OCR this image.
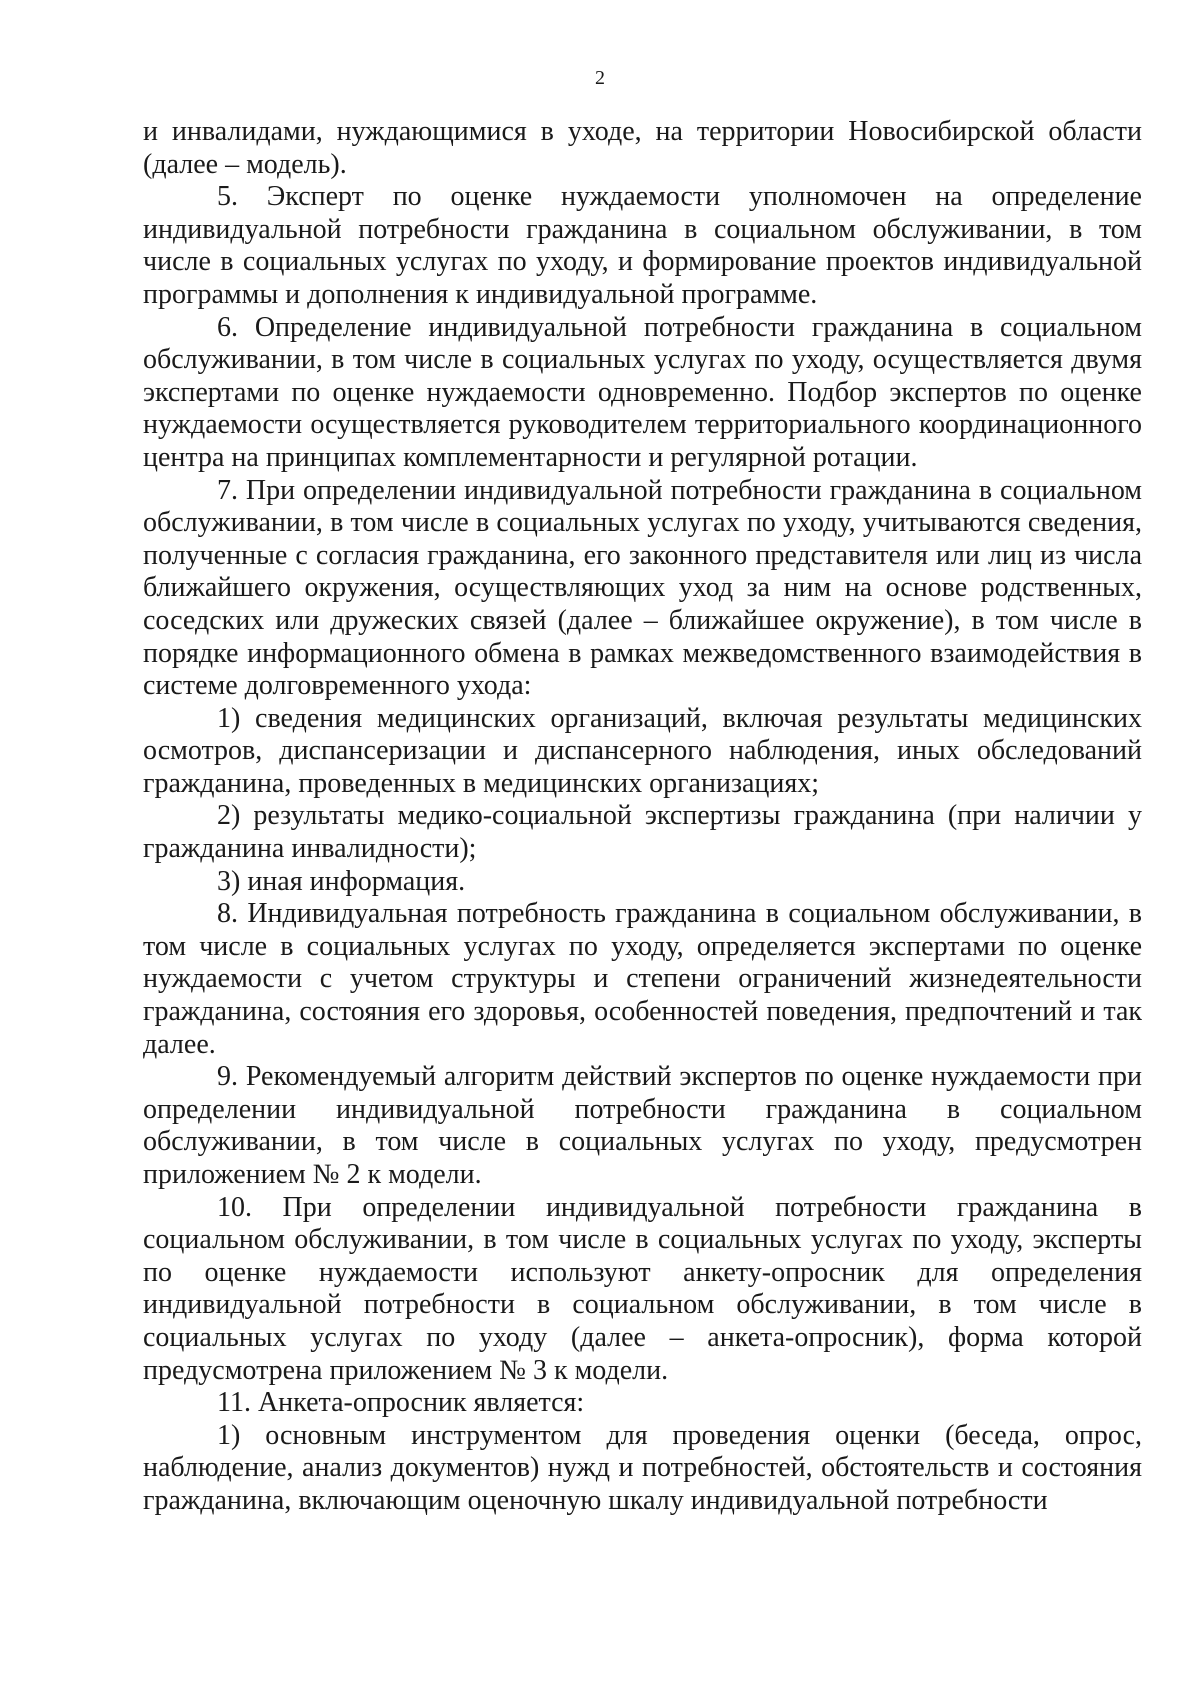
2

и инвалидами, нуждающимися в уходе, на территории Новосибирской области (далее – модель).

5. Эксперт по оценке нуждаемости уполномочен на определение индивидуальной потребности гражданина в социальном обслуживании, в том числе в социальных услугах по уходу, и формирование проектов индивидуальной программы и дополнения к индивидуальной программе.

6. Определение индивидуальной потребности гражданина в социальном обслуживании, в том числе в социальных услугах по уходу, осуществляется двумя экспертами по оценке нуждаемости одновременно. Подбор экспертов по оценке нуждаемости осуществляется руководителем территориального координационного центра на принципах комплементарности и регулярной ротации.

7. При определении индивидуальной потребности гражданина в социальном обслуживании, в том числе в социальных услугах по уходу, учитываются сведения, полученные с согласия гражданина, его законного представителя или лиц из числа ближайшего окружения, осуществляющих уход за ним на основе родственных, соседских или дружеских связей (далее – ближайшее окружение), в том числе в порядке информационного обмена в рамках межведомственного взаимодействия в системе долговременного ухода:

1) сведения медицинских организаций, включая результаты медицинских осмотров, диспансеризации и диспансерного наблюдения, иных обследований гражданина, проведенных в медицинских организациях;

2) результаты медико-социальной экспертизы гражданина (при наличии у гражданина инвалидности);

3) иная информация.

8. Индивидуальная потребность гражданина в социальном обслуживании, в том числе в социальных услугах по уходу, определяется экспертами по оценке нуждаемости с учетом структуры и степени ограничений жизнедеятельности гражданина, состояния его здоровья, особенностей поведения, предпочтений и так далее.

9. Рекомендуемый алгоритм действий экспертов по оценке нуждаемости при определении индивидуальной потребности гражданина в социальном обслуживании, в том числе в социальных услугах по уходу, предусмотрен приложением № 2 к модели.

10. При определении индивидуальной потребности гражданина в социальном обслуживании, в том числе в социальных услугах по уходу, эксперты по оценке нуждаемости используют анкету-опросник для определения индивидуальной потребности в социальном обслуживании, в том числе в социальных услугах по уходу (далее – анкета-опросник), форма которой предусмотрена приложением № 3 к модели.

11. Анкета-опросник является:

1) основным инструментом для проведения оценки (беседа, опрос, наблюдение, анализ документов) нужд и потребностей, обстоятельств и состояния гражданина, включающим оценочную шкалу индивидуальной потребности
